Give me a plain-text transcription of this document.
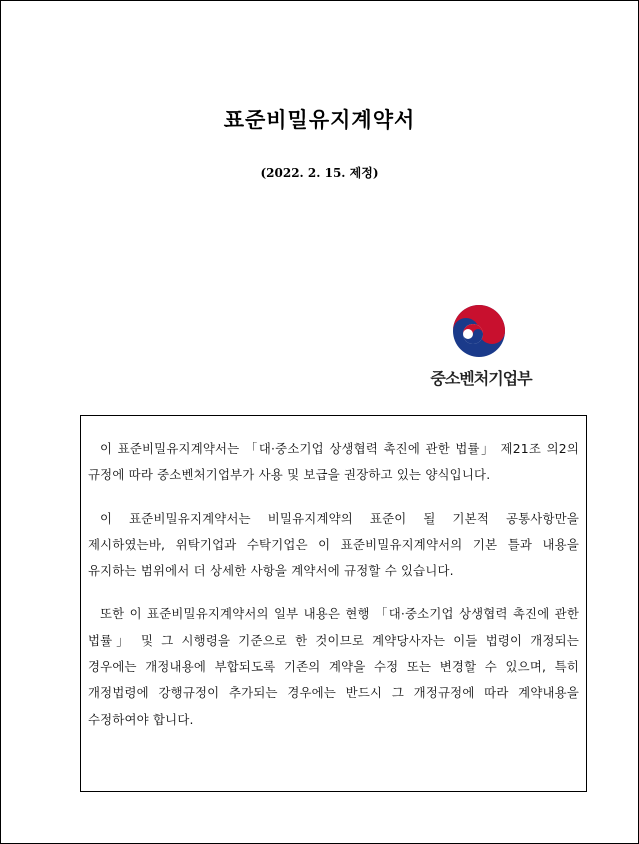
표준비밀유지계약서
(2022. 2. 15. 제정)
중소벤처기업부

이 표준비밀유지계약서는 「대·중소기업 상생협력 촉진에 관한 법률」 제21조 의2의 규정에 따라 중소벤처기업부가 사용 및 보급을 권장하고 있는 양식입니다.

이 표준비밀유지계약서는 비밀유지계약의 표준이 될 기본적 공통사항만을 제시하였는바, 위탁기업과 수탁기업은 이 표준비밀유지계약서의 기본 틀과 내용을 유지하는 범위에서 더 상세한 사항을 계약서에 규정할 수 있습니다.

또한 이 표준비밀유지계약서의 일부 내용은 현행 「대·중소기업 상생협력 촉진에 관한 법률」 및 그 시행령을 기준으로 한 것이므로 계약당사자는 이들 법령이 개정되는 경우에는 개정내용에 부합되도록 기존의 계약을 수정 또는 변경할 수 있으며, 특히 개정법령에 강행규정이 추가되는 경우에는 반드시 그 개정규정에 따라 계약내용을 수정하여야 합니다.
